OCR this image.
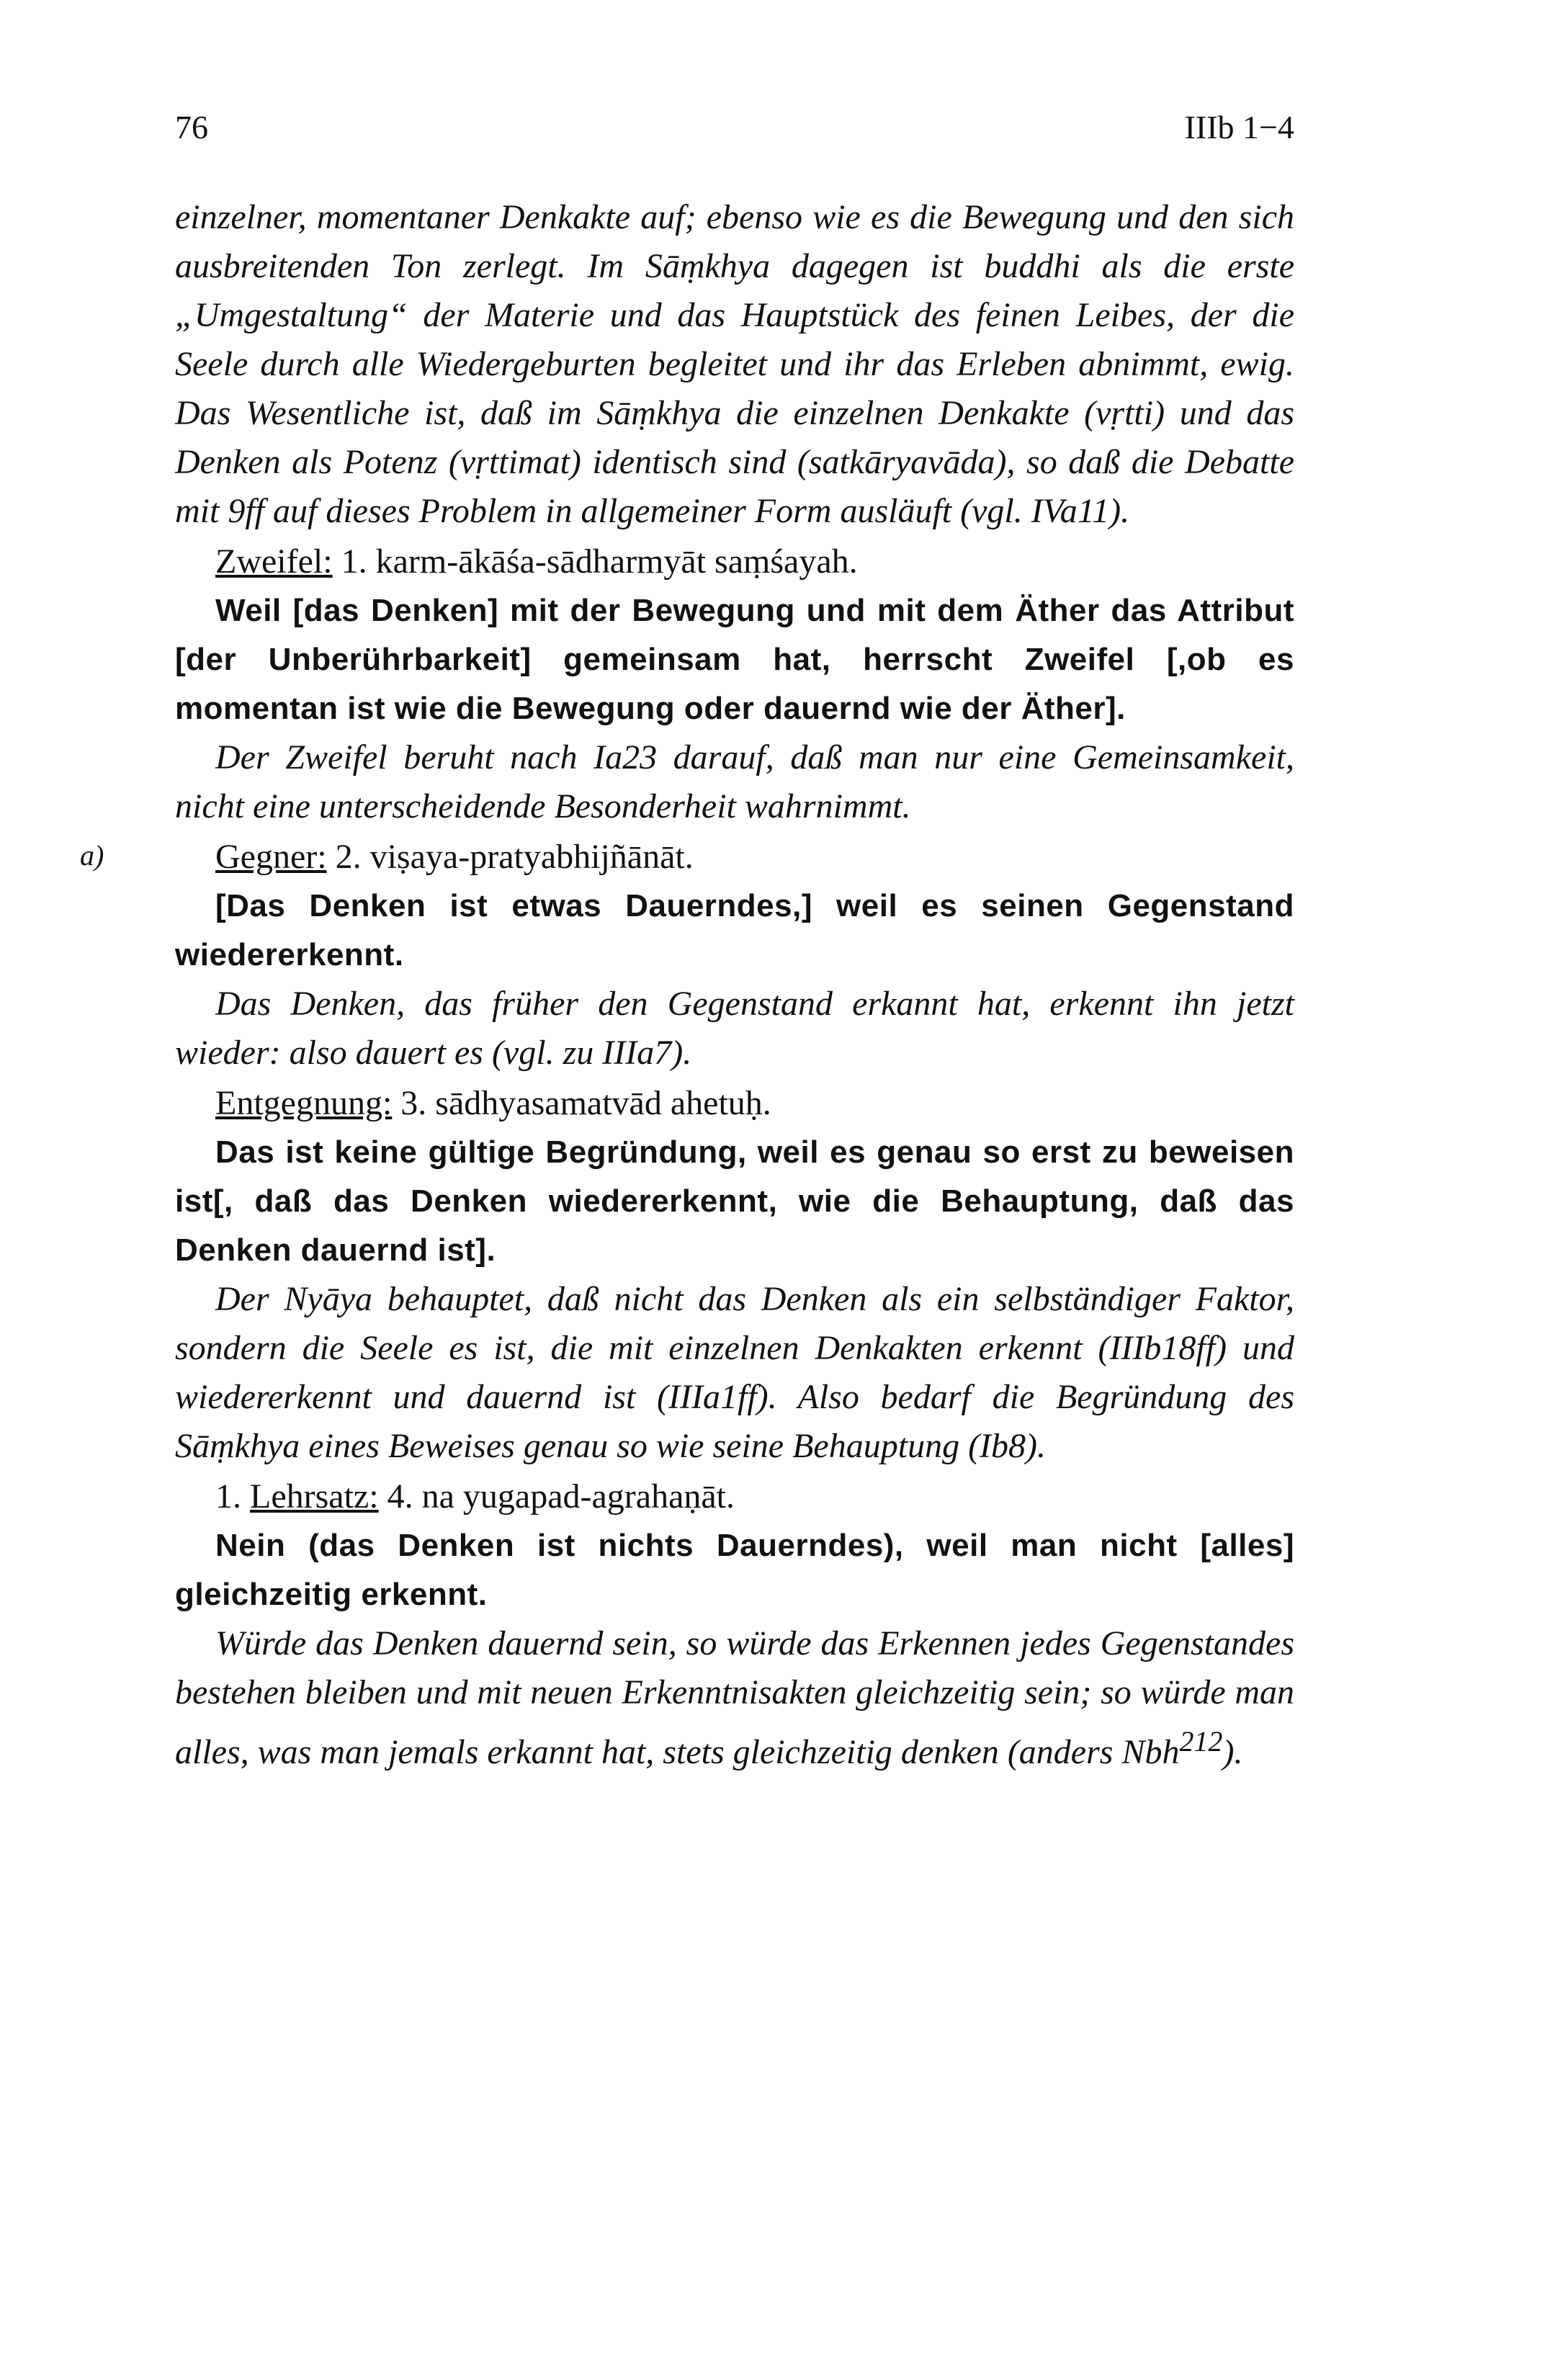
76	IIIb 1−4

einzelner, momentaner Denkakte auf; ebenso wie es die Bewegung und den sich ausbreitenden Ton zerlegt. Im Sāṃkhya dagegen ist buddhi als die erste „Umgestaltung“ der Materie und das Hauptstück des feinen Leibes, der die Seele durch alle Wiedergeburten begleitet und ihr das Erleben abnimmt, ewig. Das Wesentliche ist, daß im Sāṃkhya die einzelnen Denkakte (vṛtti) und das Denken als Potenz (vṛttimat) identisch sind (satkāryavāda), so daß die Debatte mit 9ff auf dieses Problem in allgemeiner Form ausläuft (vgl. IVa11).

Zweifel: 1. karm-ākāśa-sādharmyāt saṃśayah.

Weil [das Denken] mit der Bewegung und mit dem Äther das Attribut [der Unberührbarkeit] gemeinsam hat, herrscht Zweifel [,ob es momentan ist wie die Bewegung oder dauernd wie der Äther].

Der Zweifel beruht nach Ia23 darauf, daß man nur eine Gemeinsamkeit, nicht eine unterscheidende Besonderheit wahrnimmt.

a)	Gegner: 2. viṣaya-pratyabhijñānāt.

[Das Denken ist etwas Dauerndes,] weil es seinen Gegenstand wiedererkennt.

Das Denken, das früher den Gegenstand erkannt hat, erkennt ihn jetzt wieder: also dauert es (vgl. zu IIIa7).

Entgegnung: 3. sādhyasamatvād ahetuḥ.

Das ist keine gültige Begründung, weil es genau so erst zu beweisen ist[, daß das Denken wiedererkennt, wie die Behauptung, daß das Denken dauernd ist].

Der Nyāya behauptet, daß nicht das Denken als ein selbständiger Faktor, sondern die Seele es ist, die mit einzelnen Denkakten erkennt (IIIb18ff) und wiedererkennt und dauernd ist (IIIa1ff). Also bedarf die Begründung des Sāṃkhya eines Beweises genau so wie seine Behauptung (Ib8).

1. Lehrsatz: 4. na yugapad-agrahaṇāt.

Nein (das Denken ist nichts Dauerndes), weil man nicht [alles] gleichzeitig erkennt.

Würde das Denken dauernd sein, so würde das Erkennen jedes Gegenstandes bestehen bleiben und mit neuen Erkenntnisakten gleichzeitig sein; so würde man alles, was man jemals erkannt hat, stets gleichzeitig denken (anders Nbh$^{212}$).
